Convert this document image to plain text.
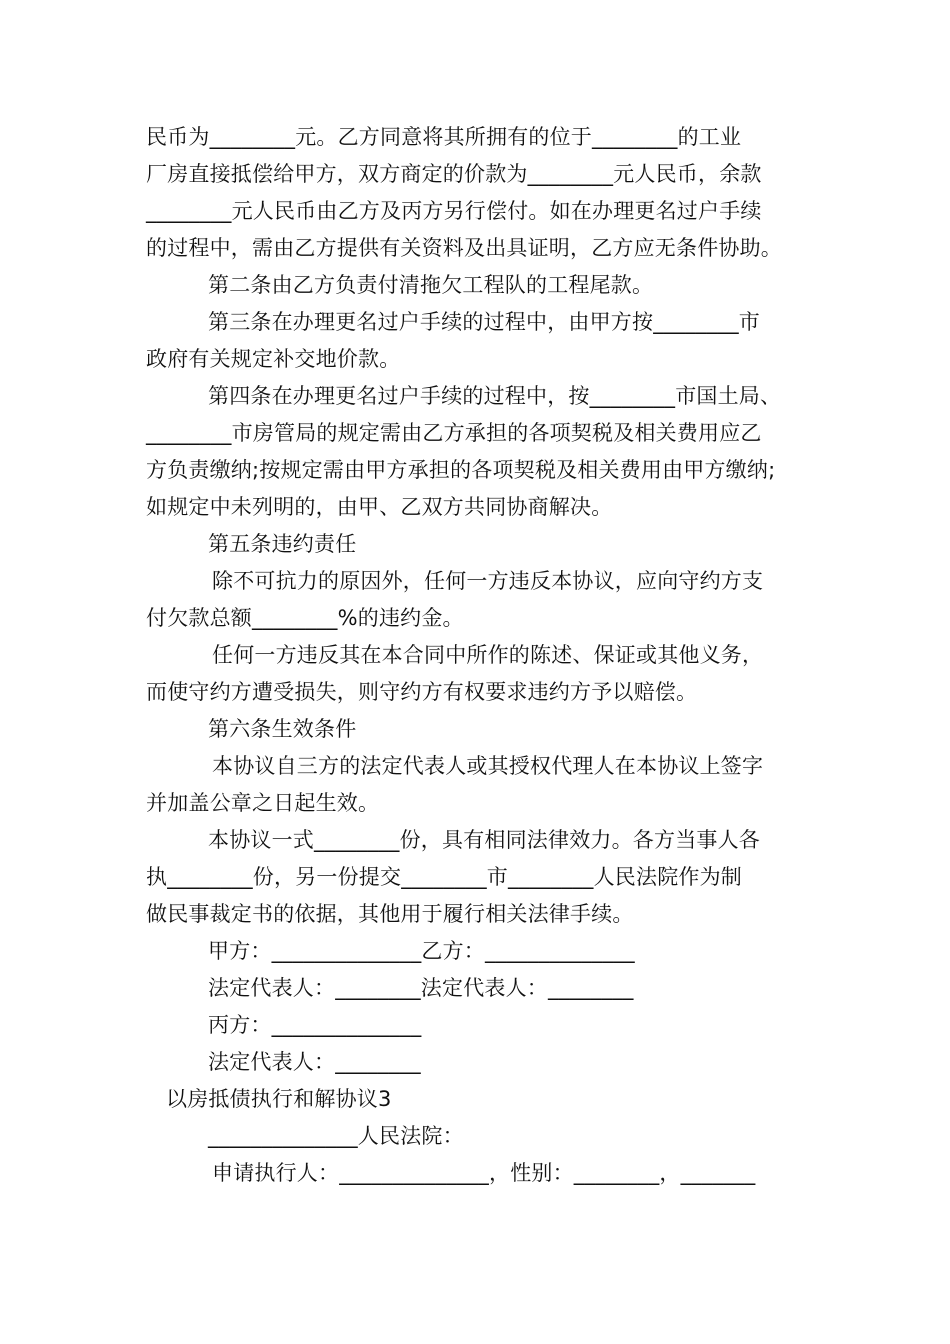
民币为________元。乙方同意将其所拥有的位于________的工业
厂房直接抵偿给甲方，双方商定的价款为________元人民币，余款
________元人民币由乙方及丙方另行偿付。如在办理更名过户手续
的过程中，需由乙方提供有关资料及出具证明，乙方应无条件协助。
第二条由乙方负责付清拖欠工程队的工程尾款。
第三条在办理更名过户手续的过程中，由甲方按________市
政府有关规定补交地价款。
第四条在办理更名过户手续的过程中，按________市国土局、
________市房管局的规定需由乙方承担的各项契税及相关费用应乙
方负责缴纳;按规定需由甲方承担的各项契税及相关费用由甲方缴纳;
如规定中未列明的，由甲、乙双方共同协商解决。
第五条违约责任
除不可抗力的原因外，任何一方违反本协议，应向守约方支
付欠款总额________%的违约金。
任何一方违反其在本合同中所作的陈述、保证或其他义务，
而使守约方遭受损失，则守约方有权要求违约方予以赔偿。
第六条生效条件
本协议自三方的法定代表人或其授权代理人在本协议上签字
并加盖公章之日起生效。
本协议一式________份，具有相同法律效力。各方当事人各
执________份，另一份提交________市________人民法院作为制
做民事裁定书的依据，其他用于履行相关法律手续。
甲方：______________乙方：______________
法定代表人：________法定代表人：________
丙方：______________
法定代表人：________
以房抵债执行和解协议3
______________人民法院：
申请执行人：______________，性别：________，_______
